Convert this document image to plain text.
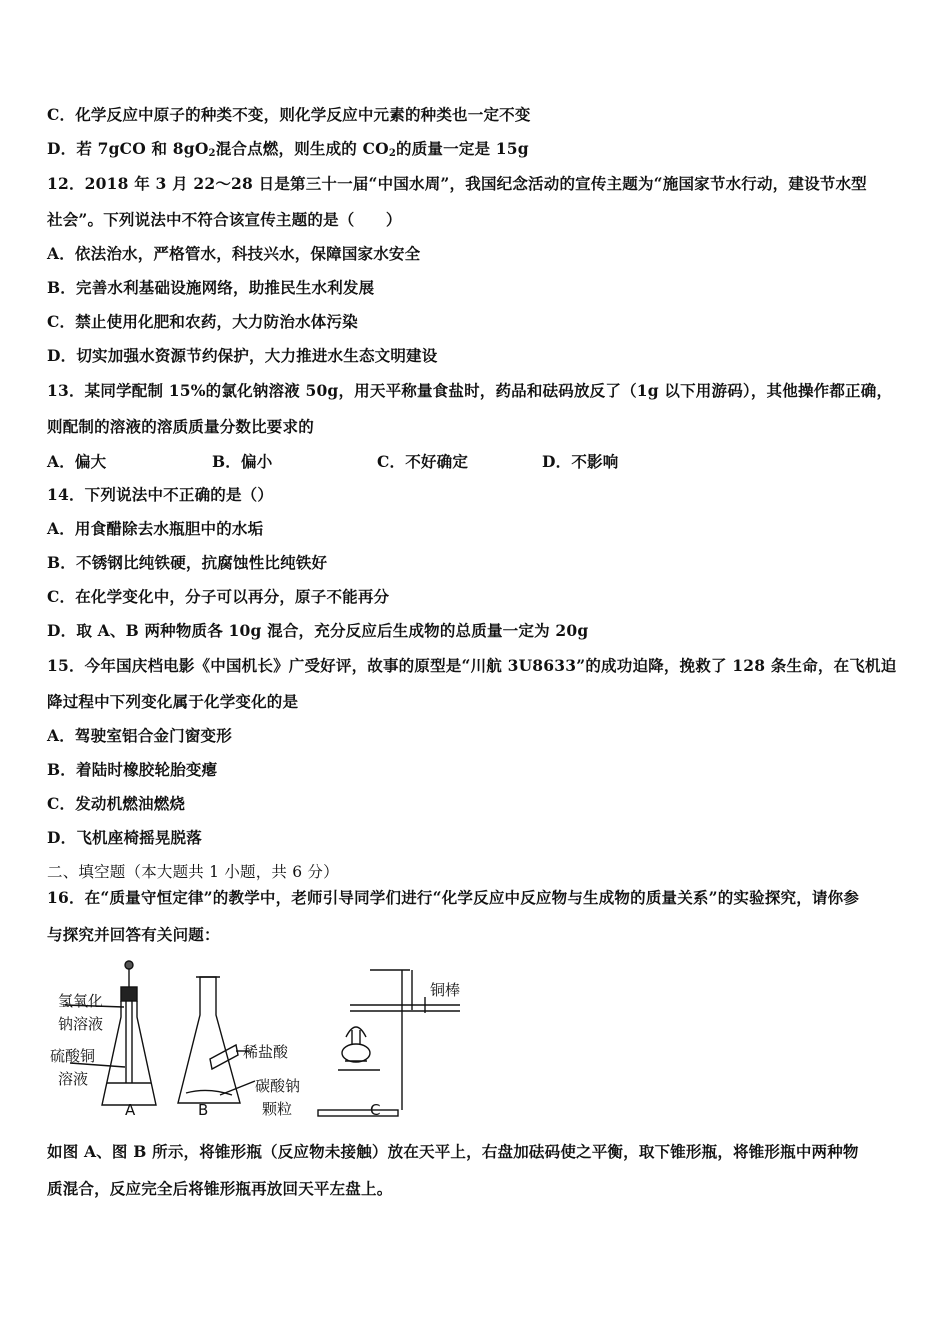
C．化学反应中原子的种类不变，则化学反应中元素的种类也一定不变
D．若 7gCO 和 $8gO_2$混合点燃，则生成的 $CO_2$的质量一定是 15g
12．2018 年 3 月 22～28 日是第三十一届“中国水周”，我国纪念活动的宣传主题为“施国家节水行动，建设节水型
社会”。下列说法中不符合该宣传主题的是（　　）
A．依法治水，严格管水，科技兴水，保障国家水安全
B．完善水利基础设施网络，助推民生水利发展
C．禁止使用化肥和农药，大力防治水体污染
D．切实加强水资源节约保护，大力推进水生态文明建设
13．某同学配制 15%的氯化钠溶液 50g，用天平称量食盐时，药品和砝码放反了（1g 以下用游码），其他操作都正确，
则配制的溶液的溶质质量分数比要求的
A．偏大	B．偏小	C．不好确定	D．不影响
14．下列说法中不正确的是（）
A．用食醋除去水瓶胆中的水垢
B．不锈钢比纯铁硬，抗腐蚀性比纯铁好
C．在化学变化中，分子可以再分，原子不能再分
D．取 A、B 两种物质各 10g 混合，充分反应后生成物的总质量一定为 20g
15．今年国庆档电影《中国机长》广受好评，故事的原型是“川航 3U8633”的成功迫降，挽救了 128 条生命，在飞机迫
降过程中下列变化属于化学变化的是
A．驾驶室铝合金门窗变形
B．着陆时橡胶轮胎变瘪
C．发动机燃油燃烧
D．飞机座椅摇晃脱落
二、填空题（本大题共 1 小题，共 6 分）
16．在“质量守恒定律”的教学中，老师引导同学们进行“化学反应中反应物与生成物的质量关系”的实验探究，请你参
与探究并回答有关问题：
氢氧化
钠溶液
硫酸铜
溶液
稀盐酸
碳酸钠
颗粒
铜棒
A	B	C
如图 A、图 B 所示，将锥形瓶（反应物未接触）放在天平上，右盘加砝码使之平衡，取下锥形瓶，将锥形瓶中两种物
质混合，反应完全后将锥形瓶再放回天平左盘上。
